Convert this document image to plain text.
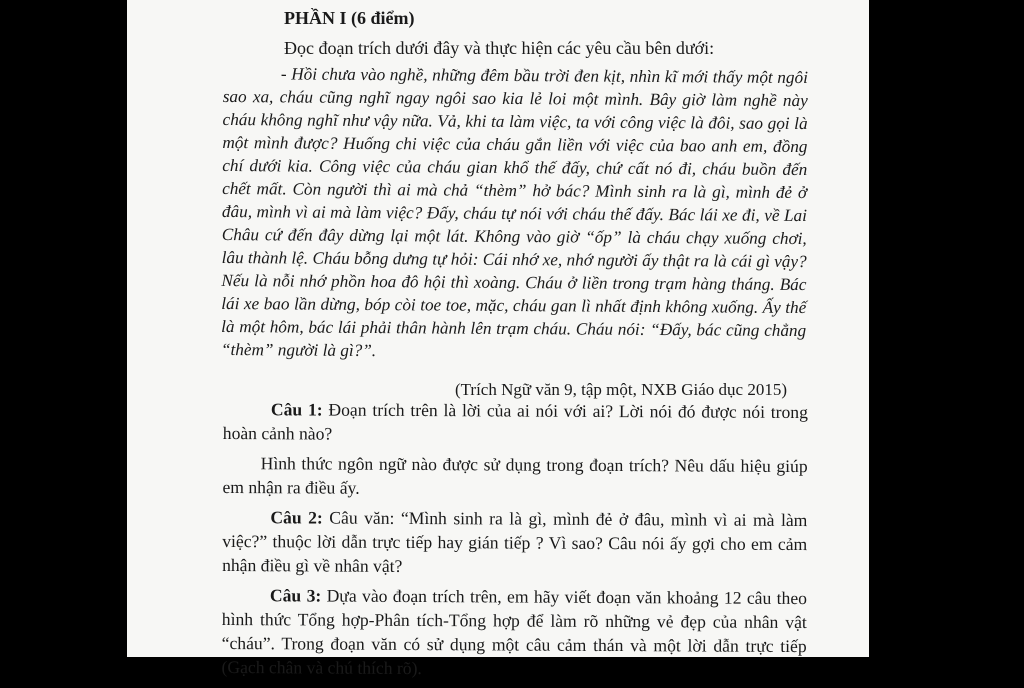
PHẦN I (6 điểm)
Đọc đoạn trích dưới đây và thực hiện các yêu cầu bên dưới:

- Hồi chưa vào nghề, những đêm bầu trời đen kịt, nhìn kĩ mới thấy một ngôi sao xa, cháu cũng nghĩ ngay ngôi sao kia lẻ loi một mình. Bây giờ làm nghề này cháu không nghĩ như vậy nữa. Vả, khi ta làm việc, ta với công việc là đôi, sao gọi là một mình được? Huống chi việc của cháu gắn liền với việc của bao anh em, đồng chí dưới kia. Công việc của cháu gian khổ thế đấy, chứ cất nó đi, cháu buồn đến chết mất. Còn người thì ai mà chả “thèm” hở bác? Mình sinh ra là gì, mình đẻ ở đâu, mình vì ai mà làm việc? Đấy, cháu tự nói với cháu thế đấy. Bác lái xe đi, về Lai Châu cứ đến đây dừng lại một lát. Không vào giờ “ốp” là cháu chạy xuống chơi, lâu thành lệ. Cháu bỗng dưng tự hỏi: Cái nhớ xe, nhớ người ấy thật ra là cái gì vậy? Nếu là nỗi nhớ phồn hoa đô hội thì xoàng. Cháu ở liền trong trạm hàng tháng. Bác lái xe bao lần dừng, bóp còi toe toe, mặc, cháu gan lì nhất định không xuống. Ấy thế là một hôm, bác lái phải thân hành lên trạm cháu. Cháu nói: “Đấy, bác cũng chẳng “thèm” người là gì?”.

(Trích Ngữ văn 9, tập một, NXB Giáo dục 2015)

Câu 1: Đoạn trích trên là lời của ai nói với ai? Lời nói đó được nói trong hoàn cảnh nào?

Hình thức ngôn ngữ nào được sử dụng trong đoạn trích? Nêu dấu hiệu giúp em nhận ra điều ấy.

Câu 2: Câu văn: “Mình sinh ra là gì, mình đẻ ở đâu, mình vì ai mà làm việc?” thuộc lời dẫn trực tiếp hay gián tiếp ? Vì sao? Câu nói ấy gợi cho em cảm nhận điều gì về nhân vật?

Câu 3: Dựa vào đoạn trích trên, em hãy viết đoạn văn khoảng 12 câu theo hình thức Tổng hợp-Phân tích-Tổng hợp để làm rõ những vẻ đẹp của nhân vật “cháu”. Trong đoạn văn có sử dụng một câu cảm thán và một lời dẫn trực tiếp (Gạch chân và chú thích rõ).
